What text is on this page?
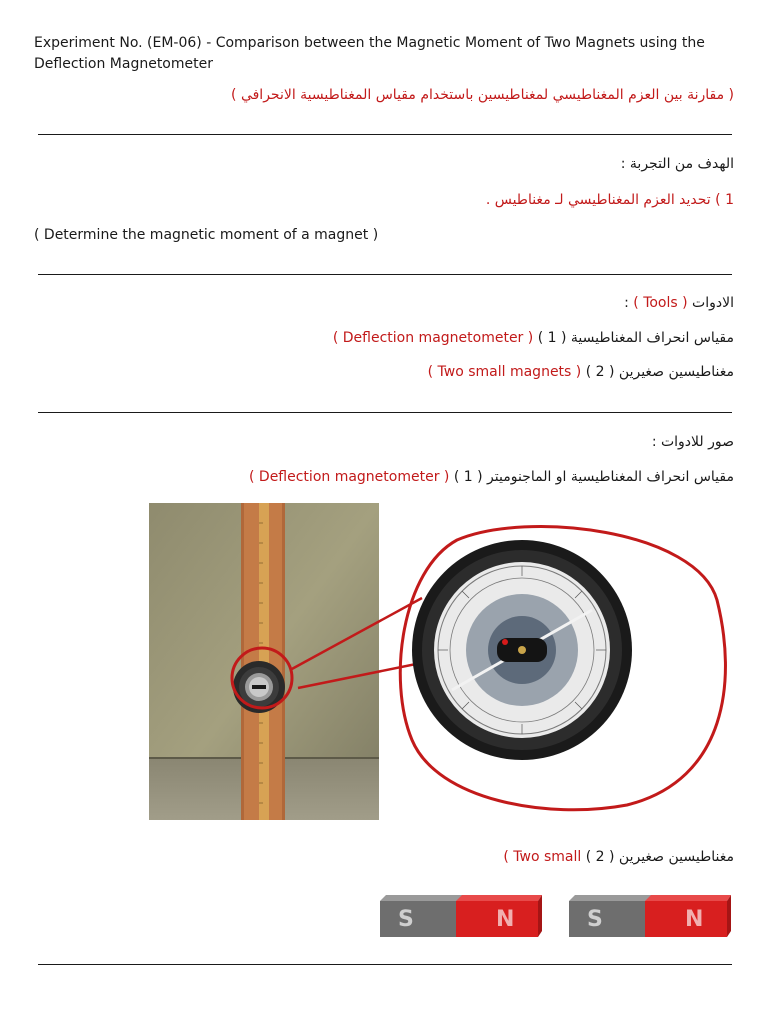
Experiment No. (EM-06) - Comparison between the Magnetic Moment of Two Magnets using the Deflection Magnetometer
( مقارنة بين العزم المغناطيسي لمغناطيسين باستخدام مقياس المغناطيسية الانحرافي )
الهدف من التجربة :
1 ) تحديد العزم المغناطيسي لـ مغناطيس .
( Determine the magnetic moment of a magnet )
: ( Tools ) الادوات
( Deflection magnetometer )	مقياس انحراف المغناطيسية ( 1 )
( Two small magnets )	مغناطيسين صغيرين ( 2 )
صور للادوات :
( Deflection magnetometer )	مقياس انحراف المغناطيسية او الماجنوميتر ( 1 )
( Two small	مغناطيسين صغيرين ( 2 )
S	N	S	N
